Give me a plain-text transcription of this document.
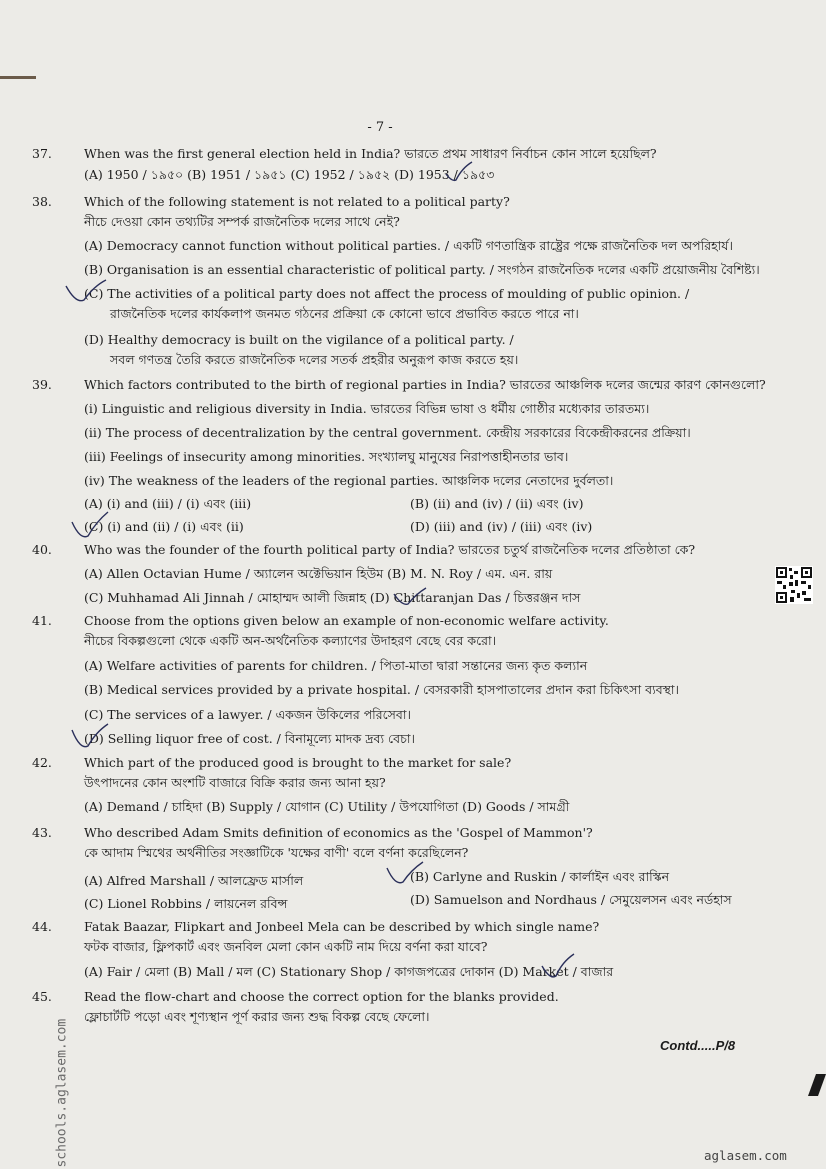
- 7 -
37.	When was the first general election held in India? ভারতে প্রথম সাধারণ নির্বাচন কোন সালে হয়েছিল?
(A) 1950 / ১৯৫০ (B) 1951 / ১৯৫১ (C) 1952 / ১৯৫২ (D) 1953 / ১৯৫৩
38.	Which of the following statement is not related to a political party?
নীচে দেওয়া কোন তথ্যটির সম্পর্ক রাজনৈতিক দলের সাথে নেই?
(A) Democracy cannot function without political parties. / একটি গণতান্ত্রিক রাষ্ট্রের পক্ষে রাজনৈতিক দল অপরিহার্য।
(B) Organisation is an essential characteristic of political party. / সংগঠন রাজনৈতিক দলের একটি প্রয়োজনীয় বৈশিষ্ট্য।
(C) The activities of a political party does not affect the process of moulding of public opinion. /
রাজনৈতিক দলের কার্যকলাপ জনমত গঠনের প্রক্রিয়া কে কোনো ভাবে প্রভাবিত করতে পারে না।
(D) Healthy democracy is built on the vigilance of a political party. /
সবল গণতন্ত্র তৈরি করতে রাজনৈতিক দলের সতর্ক প্রহরীর অনুরূপ কাজ করতে হয়।
39.	Which factors contributed to the birth of regional parties in India? ভারতের আঞ্চলিক দলের জন্মের কারণ কোনগুলো?
(i) Linguistic and religious diversity in India. ভারতের বিভিন্ন ভাষা ও ধর্মীয় গোষ্ঠীর মধ্যেকার তারতম্য।
(ii) The process of decentralization by the central government. কেন্দ্রীয় সরকারের বিকেন্দ্রীকরনের প্রক্রিয়া।
(iii) Feelings of insecurity among minorities. সংখ্যালঘু মানুষের নিরাপত্তাহীনতার ভাব।
(iv) The weakness of the leaders of the regional parties. আঞ্চলিক দলের নেতাদের দুর্বলতা।
(A) (i) and (iii) / (i) এবং (iii)	(B) (ii) and (iv) / (ii) এবং (iv)
(C) (i) and (ii) / (i) এবং (ii)	(D) (iii) and (iv) / (iii) এবং (iv)
40.	Who was the founder of the fourth political party of India? ভারতের চতুর্থ রাজনৈতিক দলের প্রতিষ্ঠাতা কে?
(A) Allen Octavian Hume / অ্যালেন অক্টেভিয়ান হিউম (B) M. N. Roy / এম. এন. রায়
(C) Muhhamad Ali Jinnah / মোহাম্মদ আলী জিন্নাহ (D) Chittaranjan Das / চিত্তরঞ্জন দাস
41.	Choose from the options given below an example of non-economic welfare activity.
নীচের বিকল্পগুলো থেকে একটি অন-অর্থনৈতিক কল্যাণের উদাহরণ বেছে বের করো।
(A) Welfare activities of parents for children. / পিতা-মাতা দ্বারা সন্তানের জন্য কৃত কল্যান
(B) Medical services provided by a private hospital. / বেসরকারী হাসপাতালের প্রদান করা চিকিৎসা ব্যবস্থা।
(C) The services of a lawyer. / একজন উকিলের পরিসেবা।
(D) Selling liquor free of cost. / বিনামূল্যে মাদক দ্রব্য বেচা।
42.	Which part of the produced good is brought to the market for sale?
উৎপাদনের কোন অংশটি বাজারে বিক্রি করার জন্য আনা হয়?
(A) Demand / চাহিদা (B) Supply / যোগান (C) Utility / উপযোগিতা (D) Goods / সামগ্রী
43.	Who described Adam Smits definition of economics as the 'Gospel of Mammon'?
কে আদাম স্মিথের অর্থনীতির সংজ্ঞাটিকে 'যক্ষের বাণী' বলে বর্ণনা করেছিলেন?
(A) Alfred Marshall / আলফ্রেড মার্সাল	(B) Carlyne and Ruskin / কার্লাইন এবং রাস্কিন
(C) Lionel Robbins / লায়নেল রবিন্স	(D) Samuelson and Nordhaus / সেমুয়েলসন এবং নর্ডহাস
44.	Fatak Baazar, Flipkart and Jonbeel Mela can be described by which single name?
ফটক বাজার, ফ্লিপকার্ট এবং জনবিল মেলা কোন একটি নাম দিয়ে বর্ণনা করা যাবে?
(A) Fair / মেলা (B) Mall / মল (C) Stationary Shop / কাগজপত্রের দোকান (D) Market / বাজার
45.	Read the flow-chart and choose the correct option for the blanks provided.
ফ্লোচার্টটি পড়ো এবং শূণ্যস্থান পূর্ণ করার জন্য শুদ্ধ বিকল্প বেছে ফেলো।
Contd.....P/8
schools.aglasem.com	aglasem.com
